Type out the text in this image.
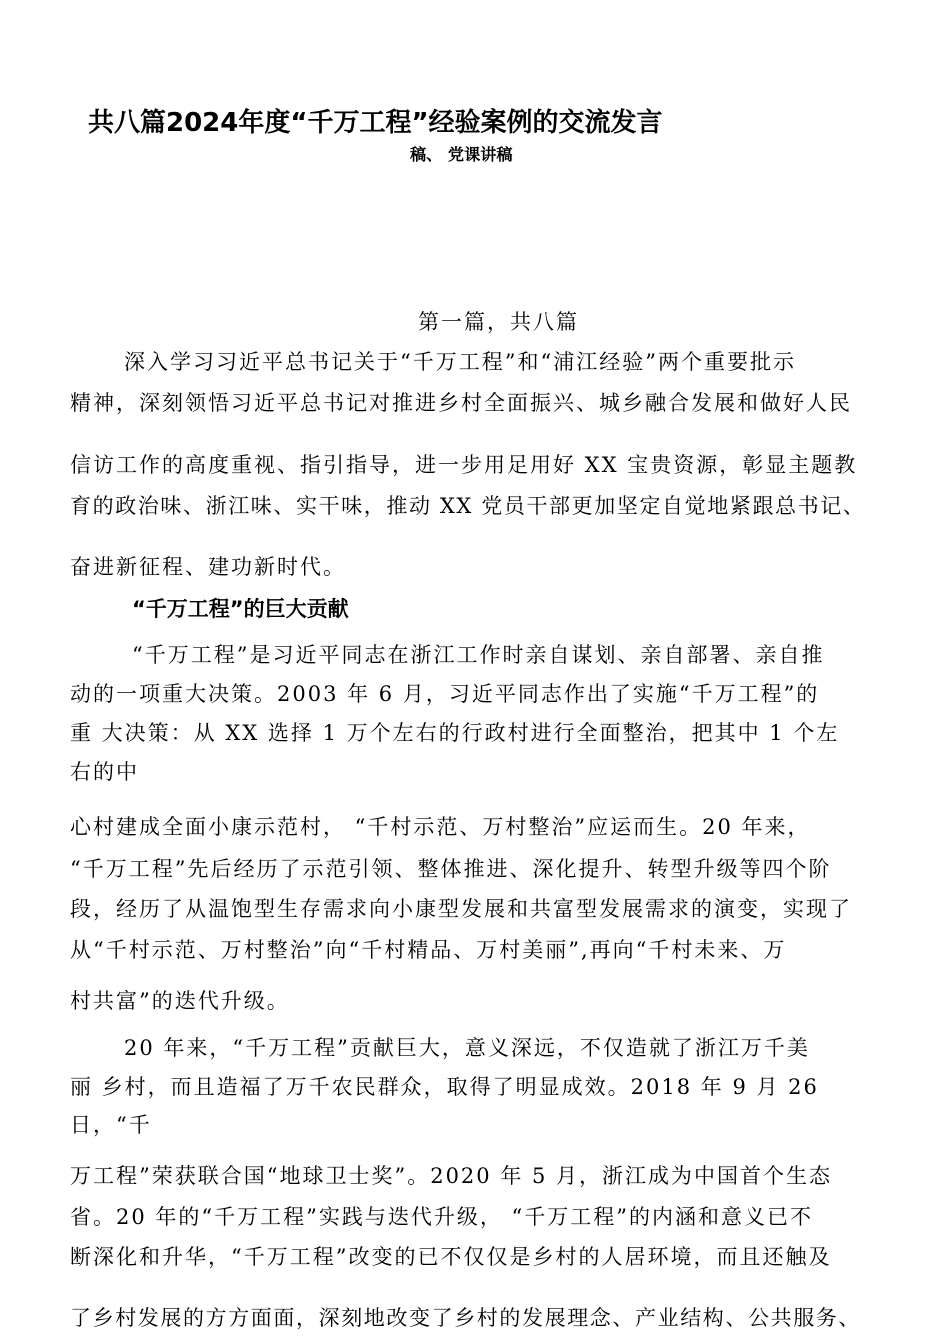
共八篇2024年度“千万工程”经验案例的交流发言
稿、 党课讲稿
第一篇，共八篇
深入学习习近平总书记关于“千万工程”和“浦江经验”两个重要批示
精神，深刻领悟习近平总书记对推进乡村全面振兴、城乡融合发展和做好人民
信访工作的高度重视、指引指导，进一步用足用好 XX 宝贵资源，彰显主题教
育的政治味、浙江味、实干味，推动 XX 党员干部更加坚定自觉地紧跟总书记、
奋进新征程、建功新时代。
“千万工程”的巨大贡献
“千万工程”是习近平同志在浙江工作时亲自谋划、亲自部署、亲自推
动的一项重大决策。2003 年 6 月，习近平同志作出了实施“千万工程”的
重 大决策：从 XX 选择 1 万个左右的行政村进行全面整治，把其中 1 个左
右的中
心村建成全面小康示范村， “千村示范、万村整治”应运而生。20 年来，
“千万工程”先后经历了示范引领、整体推进、深化提升、转型升级等四个阶
段，经历了从温饱型生存需求向小康型发展和共富型发展需求的演变，实现了
从“千村示范、万村整治”向“千村精品、万村美丽”,再向“千村未来、万
村共富”的迭代升级。
20 年来，“千万工程”贡献巨大，意义深远，不仅造就了浙江万千美
丽 乡村，而且造福了万千农民群众，取得了明显成效。2018 年 9 月 26
日，“千
万工程”荣获联合国“地球卫士奖”。2020 年 5 月，浙江成为中国首个生态
省。20 年的“千万工程”实践与迭代升级， “千万工程”的内涵和意义已不
断深化和升华，“千万工程”改变的已不仅仅是乡村的人居环境，而且还触及
了乡村发展的方方面面，深刻地改变了乡村的发展理念、产业结构、公共服务、
